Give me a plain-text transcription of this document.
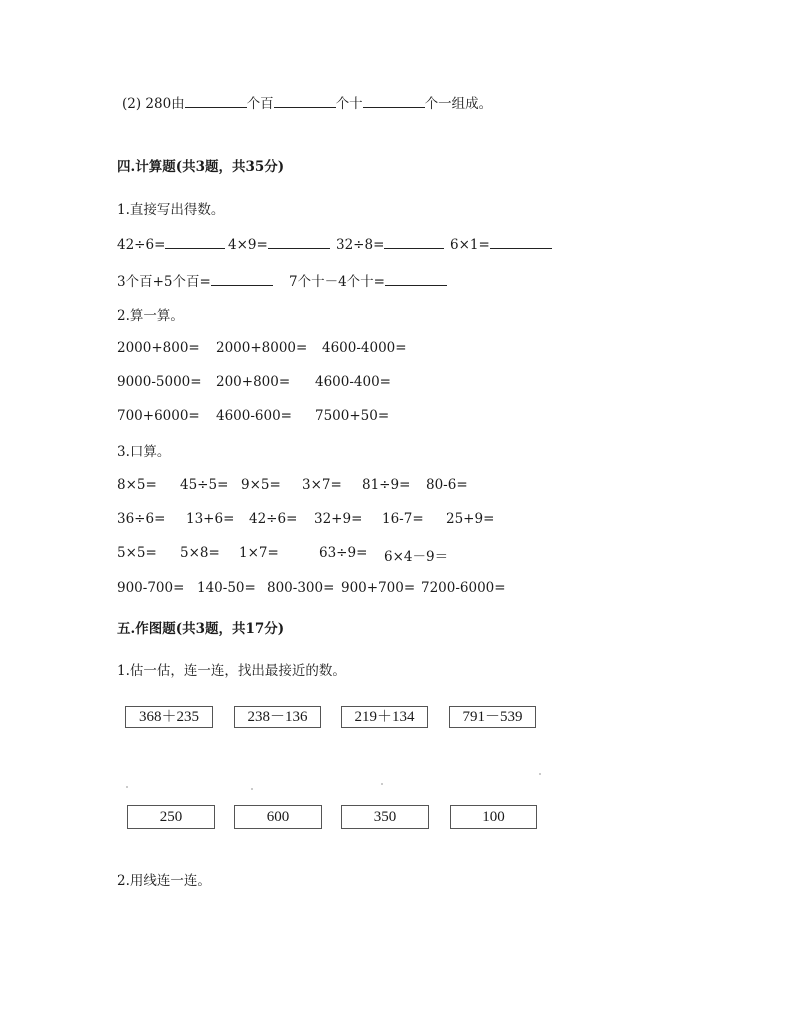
(2) 280由	个百	个十	个一组成。
四.计算题(共3题，共35分)
1.直接写出得数。
42÷6=	4×9=	32÷8=	6×1=
3个百+5个百=	7个十－4个十=
2.算一算。
2000+800= 2000+8000= 4600-4000=
9000-5000= 200+800= 4600-400=
700+6000= 4600-600= 7500+50=
3.口算。
8×5= 45÷5= 9×5= 3×7= 81÷9= 80-6=
36÷6= 13+6= 42÷6= 32+9= 16-7= 25+9=
5×5= 5×8= 1×7=	63÷9= 6×4－9＝
900-700= 140-50= 800-300= 900+700= 7200-6000=
五.作图题(共3题，共17分)
1.估一估，连一连，找出最接近的数。
368＋235	238－136	219＋134	791－539
250	600	350	100
2.用线连一连。
